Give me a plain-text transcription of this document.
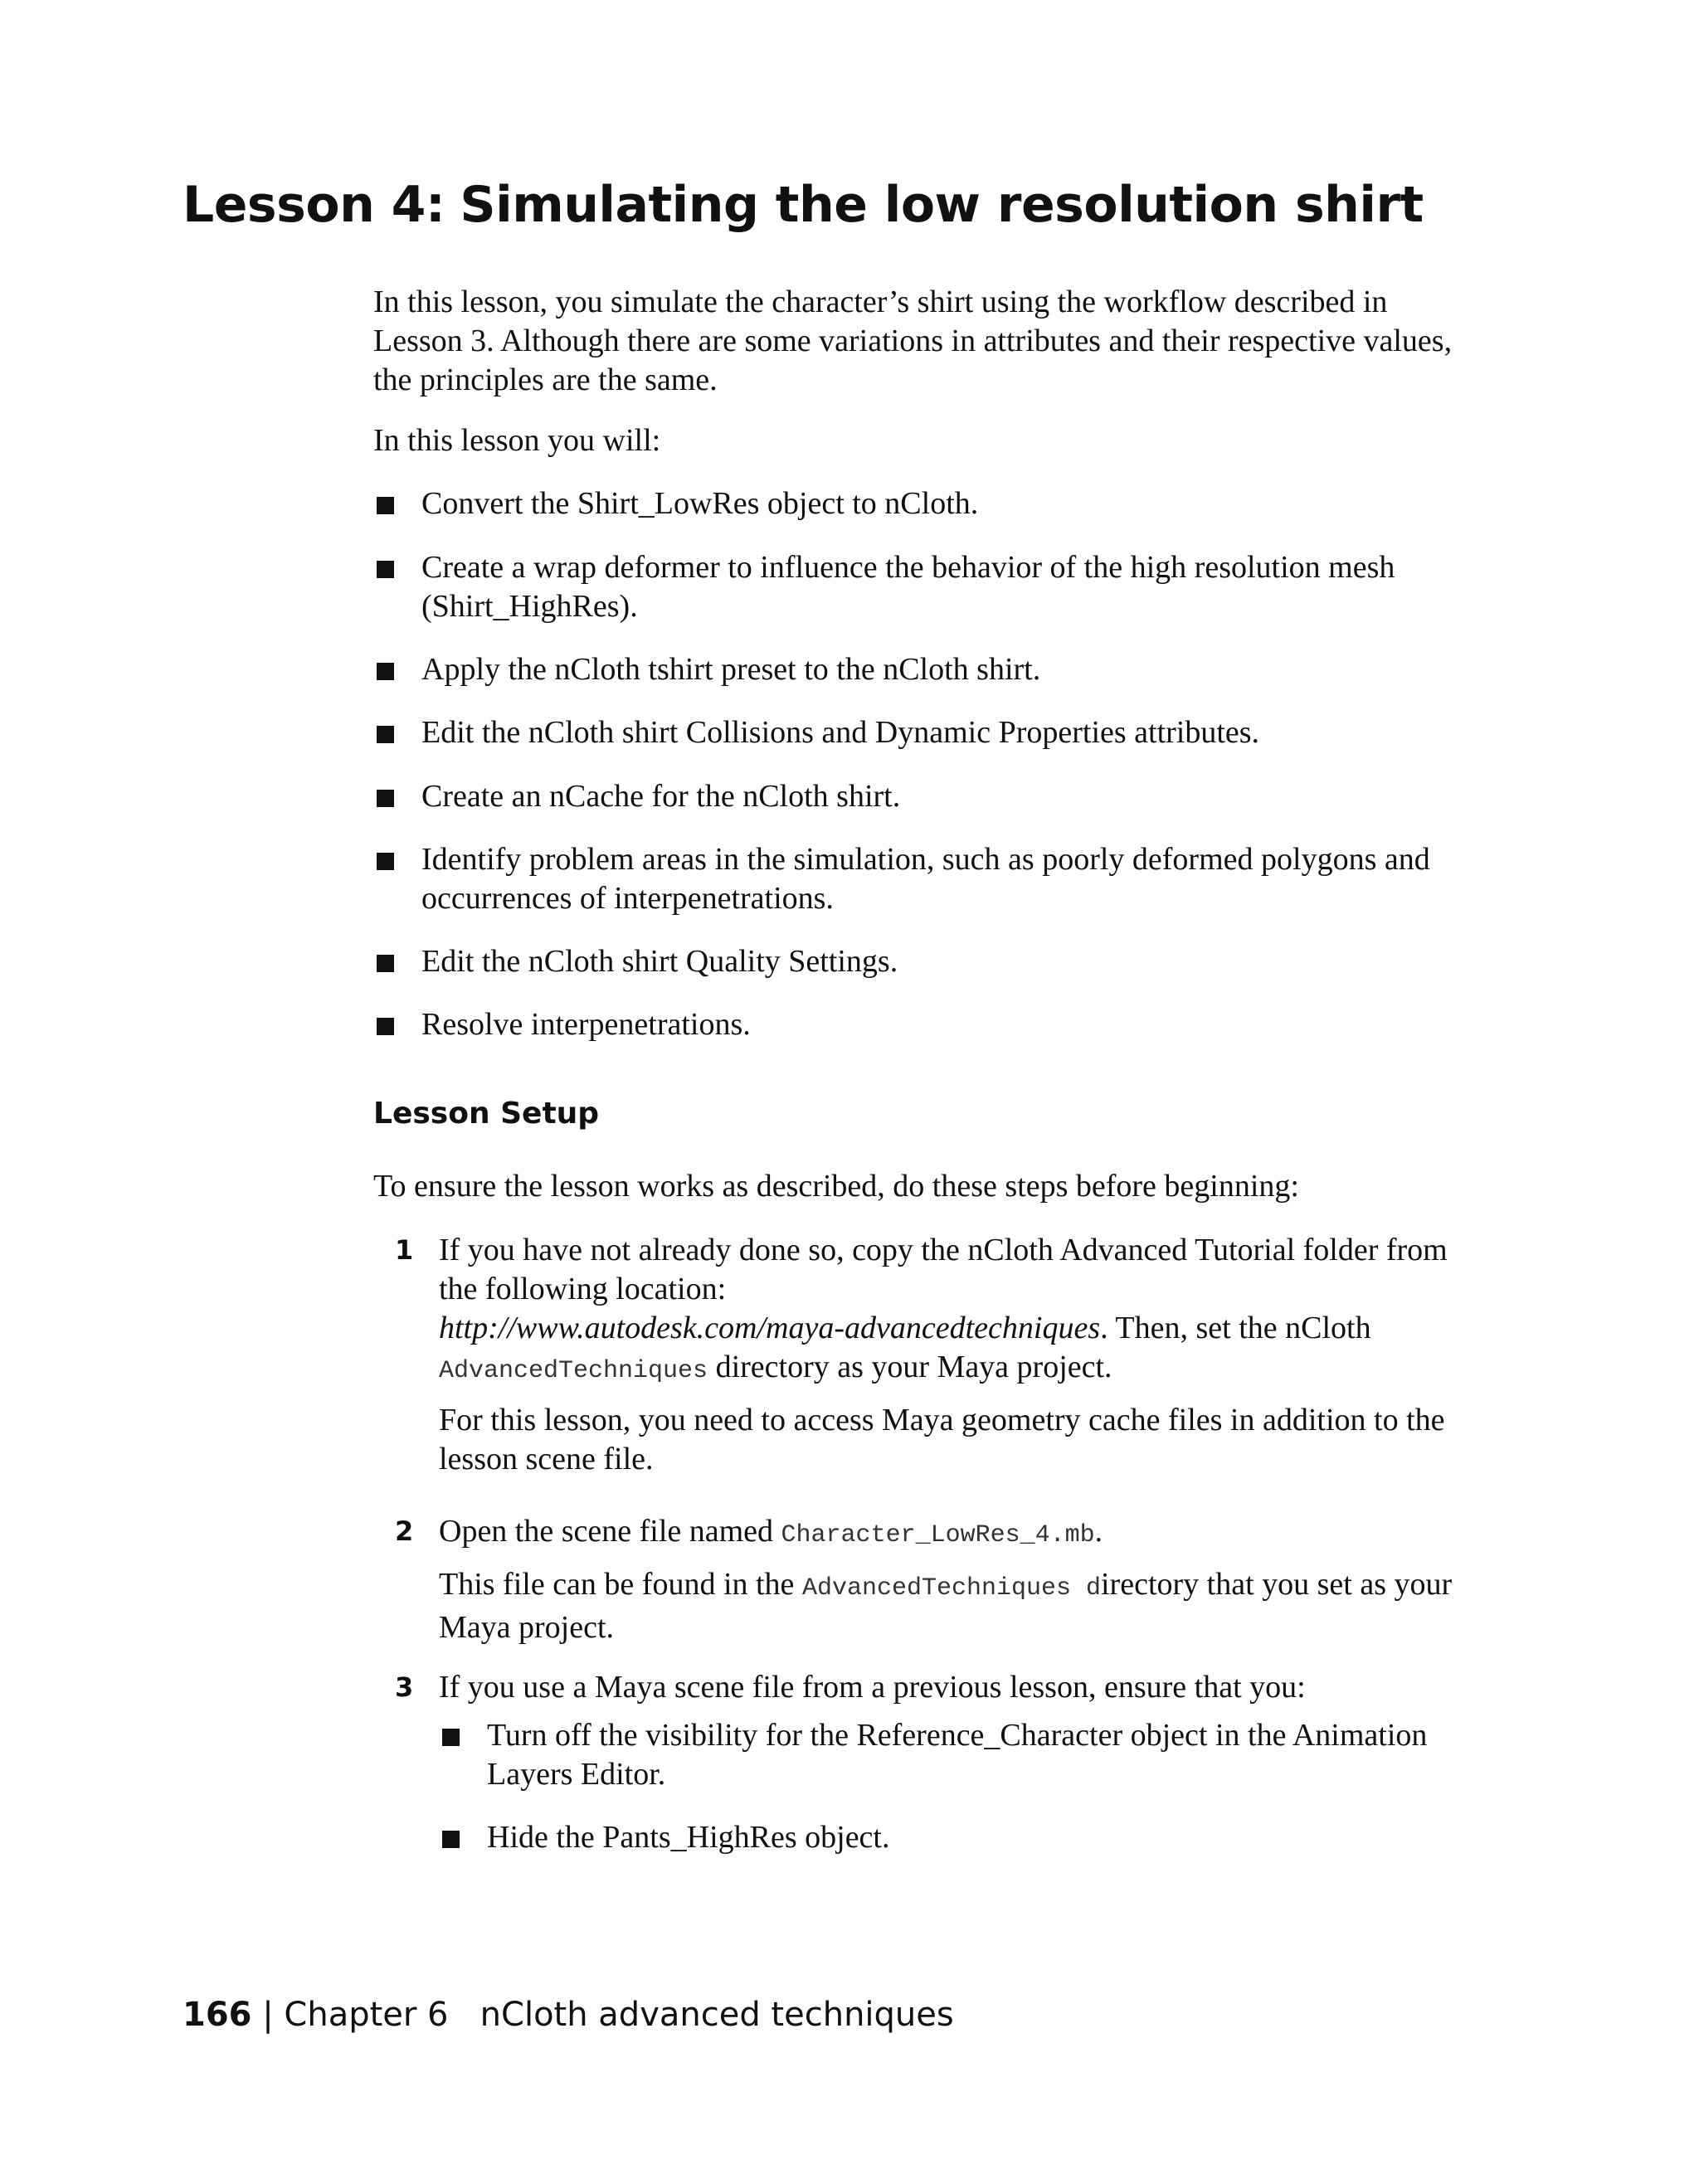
Lesson 4: Simulating the low resolution shirt

In this lesson, you simulate the character’s shirt using the workflow described in Lesson 3. Although there are some variations in attributes and their respective values, the principles are the same.

In this lesson you will:

Convert the Shirt_LowRes object to nCloth.
Create a wrap deformer to influence the behavior of the high resolution mesh (Shirt_HighRes).
Apply the nCloth tshirt preset to the nCloth shirt.
Edit the nCloth shirt Collisions and Dynamic Properties attributes.
Create an nCache for the nCloth shirt.
Identify problem areas in the simulation, such as poorly deformed polygons and occurrences of interpenetrations.
Edit the nCloth shirt Quality Settings.
Resolve interpenetrations.
Lesson Setup

To ensure the lesson works as described, do these steps before beginning:

1 If you have not already done so, copy the nCloth Advanced Tutorial folder from the following location:
http://www.autodesk.com/maya-advancedtechniques. Then, set the nCloth
AdvancedTechniques directory as your Maya project.

For this lesson, you need to access Maya geometry cache files in addition to the lesson scene file.

2 Open the scene file named Character_LowRes_4.mb.

This file can be found in the AdvancedTechniques directory that you set as your Maya project.

3 If you use a Maya scene file from a previous lesson, ensure that you:

Turn off the visibility for the Reference_Character object in the Animation Layers Editor.
Hide the Pants_HighRes object.
166 | Chapter 6 nCloth advanced techniques
